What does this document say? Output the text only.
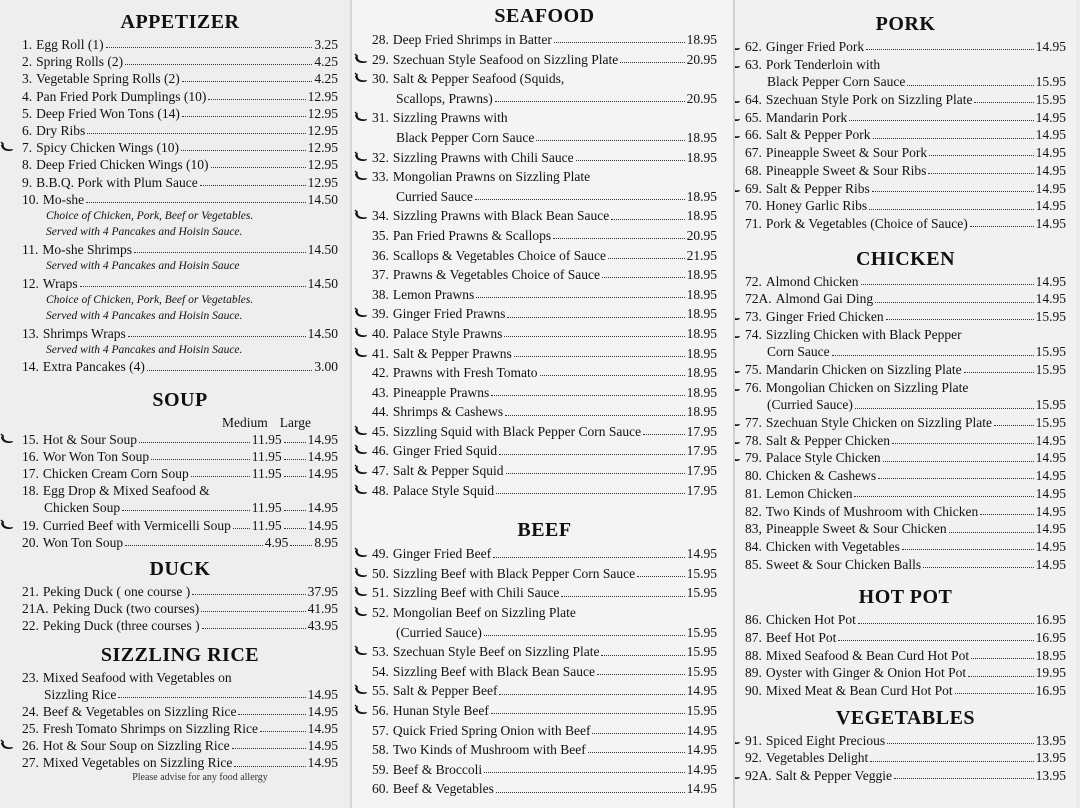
APPETIZER
1. Egg Roll (1)	3.25
2. Spring Rolls (2)	4.25
3. Vegetable Spring Rolls (2)	4.25
4. Pan Fried Pork Dumplings (10)	12.95
5. Deep Fried Won Tons (14)	12.95
6. Dry Ribs	12.95
7. Spicy Chicken Wings (10)	12.95
8. Deep Fried Chicken Wings (10)	12.95
9. B.B.Q. Pork with Plum Sauce	12.95
10. Mo-she	14.50
Choice of Chicken, Pork, Beef or Vegetables.
Served with 4 Pancakes and Hoisin Sauce.
11. Mo-she Shrimps	14.50
Served with 4 Pancakes and Hoisin Sauce
12. Wraps	14.50
Choice of Chicken, Pork, Beef or Vegetables.
Served with 4 Pancakes and Hoisin Sauce.
13. Shrimps Wraps	14.50
Served with 4 Pancakes and Hoisin Sauce.
14. Extra Pancakes (4)	3.00
SOUP
Medium Large
15. Hot & Sour Soup	11.95 14.95
16. Wor Won Ton Soup	11.95 14.95
17. Chicken Cream Corn Soup	11.95 14.95
18. Egg Drop & Mixed Seafood &
Chicken Soup	11.95 14.95
19. Curried Beef with Vermicelli Soup 11.95 14.95
20. Won Ton Soup	4.95 8.95
DUCK
21. Peking Duck ( one course )	37.95
21A. Peking Duck (two courses)	41.95
22. Peking Duck (three courses )	43.95
SIZZLING RICE
23. Mixed Seafood with Vegetables on
Sizzling Rice	14.95
24. Beef & Vegetables on Sizzling Rice	14.95
25. Fresh Tomato Shrimps on Sizzling Rice	14.95
26. Hot & Sour Soup on Sizzling Rice	14.95
27. Mixed Vegetables on Sizzling Rice	14.95
Please advise for any food allergy
SEAFOOD
28. Deep Fried Shrimps in Batter	18.95
29. Szechuan Style Seafood on Sizzling Plate	20.95
30. Salt & Pepper Seafood (Squids,
Scallops, Prawns)	20.95
31. Sizzling Prawns with
Black Pepper Corn Sauce	18.95
32. Sizzling Prawns with Chili Sauce	18.95
33. Mongolian Prawns on Sizzling Plate
Curried Sauce	18.95
34. Sizzling Prawns with Black Bean Sauce	18.95
35. Pan Fried Prawns & Scallops	20.95
36. Scallops & Vegetables Choice of Sauce	21.95
37. Prawns & Vegetables Choice of Sauce	18.95
38. Lemon Prawns	18.95
39. Ginger Fried Prawns	18.95
40. Palace Style Prawns	18.95
41. Salt & Pepper Prawns	18.95
42. Prawns with Fresh Tomato	18.95
43. Pineapple Prawns	18.95
44. Shrimps & Cashews	18.95
45. Sizzling Squid with Black Pepper Corn Sauce	17.95
46. Ginger Fried Squid	17.95
47. Salt & Pepper Squid	17.95
48. Palace Style Squid	17.95
BEEF
49. Ginger Fried Beef	14.95
50. Sizzling Beef with Black Pepper Corn Sauce	15.95
51. Sizzling Beef with Chili Sauce	15.95
52. Mongolian Beef on Sizzling Plate
(Curried Sauce)	15.95
53. Szechuan Style Beef on Sizzling Plate	15.95
54. Sizzling Beef with Black Bean Sauce	15.95
55. Salt & Pepper Beef	14.95
56. Hunan Style Beef	15.95
57. Quick Fried Spring Onion with Beef	14.95
58. Two Kinds of Mushroom with Beef	14.95
59. Beef & Broccoli	14.95
60. Beef & Vegetables	14.95
PORK
62. Ginger Fried Pork	14.95
63. Pork Tenderloin with
Black Pepper Corn Sauce	15.95
64. Szechuan Style Pork on Sizzling Plate	15.95
65. Mandarin Pork	14.95
66. Salt & Pepper Pork	14.95
67. Pineapple Sweet & Sour Pork	14.95
68. Pineapple Sweet & Sour Ribs	14.95
69. Salt & Pepper Ribs	14.95
70. Honey Garlic Ribs	14.95
71. Pork & Vegetables (Choice of Sauce)	14.95
CHICKEN
72. Almond Chicken	14.95
72A. Almond Gai Ding	14.95
73. Ginger Fried Chicken	15.95
74. Sizzling Chicken with Black Pepper
Corn Sauce	15.95
75. Mandarin Chicken on Sizzling Plate	15.95
76. Mongolian Chicken on Sizzling Plate
(Curried Sauce)	15.95
77. Szechuan Style Chicken on Sizzling Plate	15.95
78. Salt & Pepper Chicken	14.95
79. Palace Style Chicken	14.95
80. Chicken & Cashews	14.95
81. Lemon Chicken	14.95
82. Two Kinds of Mushroom with Chicken	14.95
83, Pineapple Sweet & Sour Chicken	14.95
84. Chicken with Vegetables	14.95
85. Sweet & Sour Chicken Balls	14.95
HOT POT
86. Chicken Hot Pot	16.95
87. Beef Hot Pot	16.95
88. Mixed Seafood & Bean Curd Hot Pot	18.95
89. Oyster with Ginger & Onion Hot Pot	19.95
90. Mixed Meat & Bean Curd Hot Pot	16.95
VEGETABLES
91. Spiced Eight Precious	13.95
92. Vegetables Delight	13.95
92A. Salt & Pepper Veggie	13.95
